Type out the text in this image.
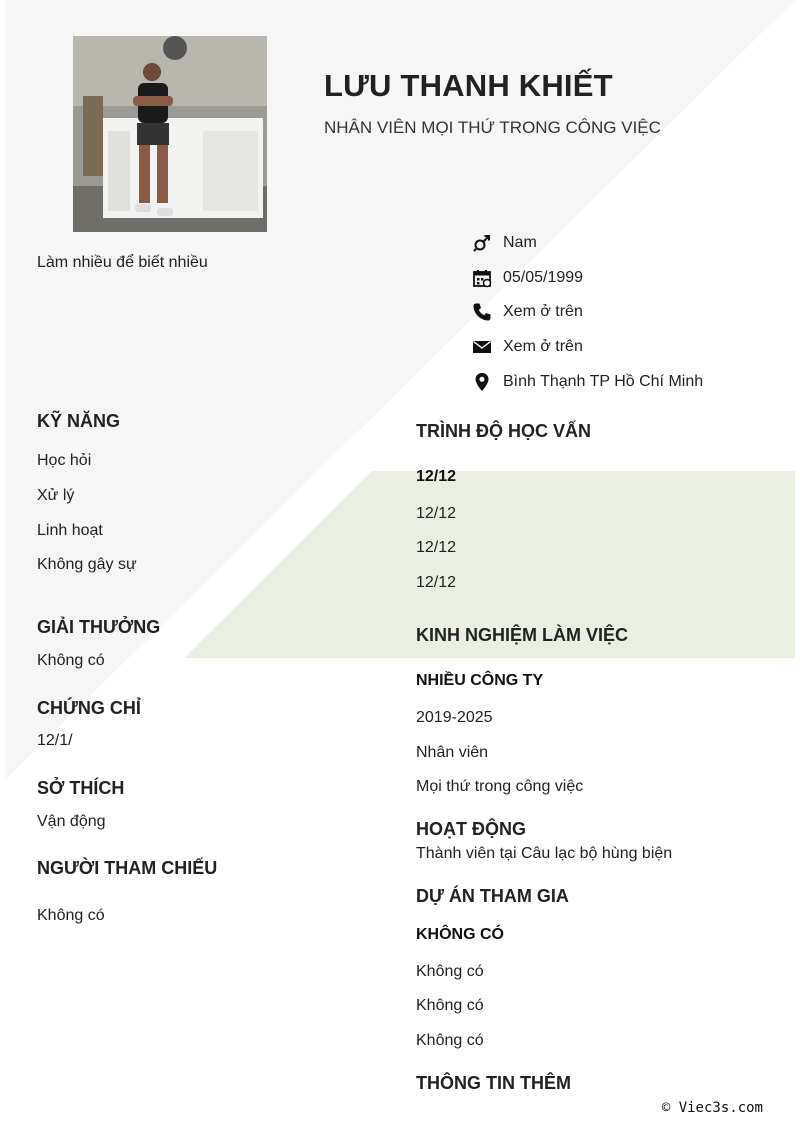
LƯU THANH KHIẾT
NHÂN VIÊN MỌI THỨ TRONG CÔNG VIỆC
Làm nhiều để biết nhiều
Nam
05/05/1999
Xem ở trên
Xem ở trên
Bình Thạnh TP Hồ Chí Minh
KỸ NĂNG
Học hỏi
Xử lý
Linh hoạt
Không gây sự
GIẢI THƯỞNG
Không có
CHỨNG CHỈ
12/1/
SỞ THÍCH
Vận động
NGƯỜI THAM CHIẾU
Không có
TRÌNH ĐỘ HỌC VẤN
12/12
12/12
12/12
12/12
KINH NGHIỆM LÀM VIỆC
NHIỀU CÔNG TY
2019-2025
Nhân viên
Mọi thứ trong công việc
HOẠT ĐỘNG
Thành viên tại Câu lạc bộ hùng biện
DỰ ÁN THAM GIA
KHÔNG CÓ
Không có
Không có
Không có
THÔNG TIN THÊM
© Viec3s.com
